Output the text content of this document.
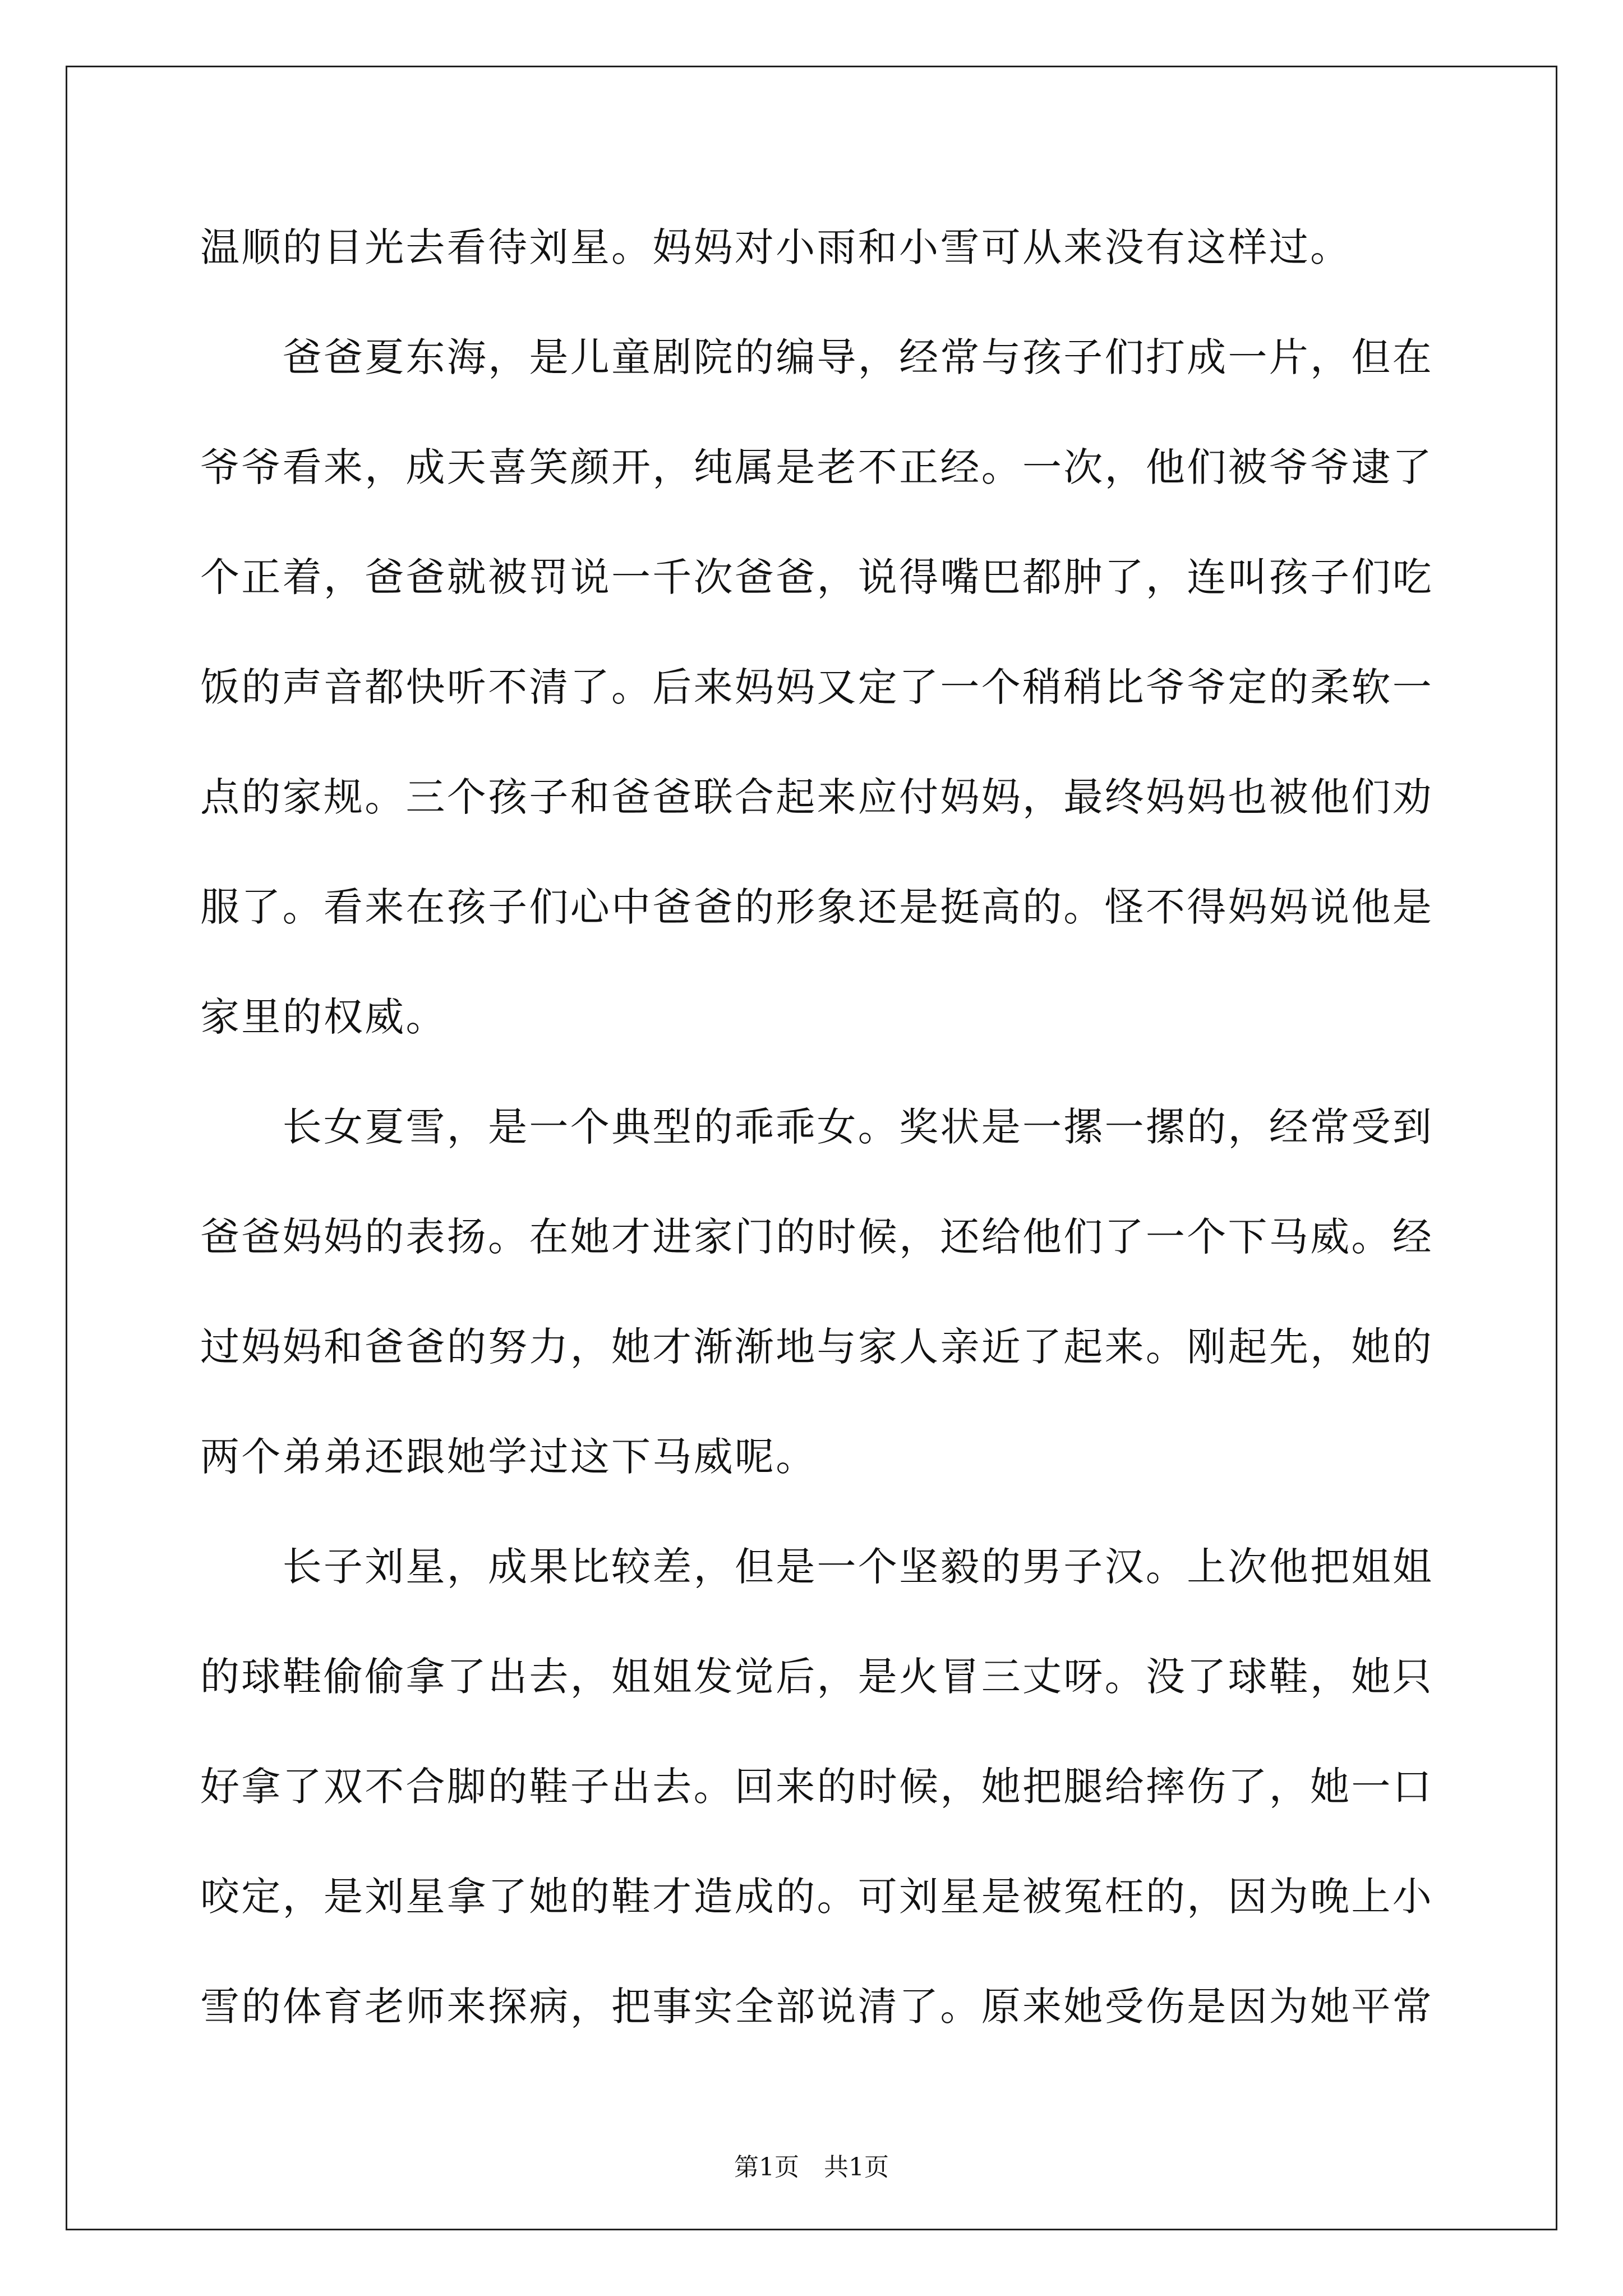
温顺的目光去看待刘星。妈妈对小雨和小雪可从来没有这样过。
　　爸爸夏东海，是儿童剧院的编导，经常与孩子们打成一片，但在
爷爷看来，成天喜笑颜开，纯属是老不正经。一次，他们被爷爷逮了
个正着，爸爸就被罚说一千次爸爸，说得嘴巴都肿了，连叫孩子们吃
饭的声音都快听不清了。后来妈妈又定了一个稍稍比爷爷定的柔软一
点的家规。三个孩子和爸爸联合起来应付妈妈，最终妈妈也被他们劝
服了。看来在孩子们心中爸爸的形象还是挺高的。怪不得妈妈说他是
家里的权威。
　　长女夏雪，是一个典型的乖乖女。奖状是一摞一摞的，经常受到
爸爸妈妈的表扬。在她才进家门的时候，还给他们了一个下马威。经
过妈妈和爸爸的努力，她才渐渐地与家人亲近了起来。刚起先，她的
两个弟弟还跟她学过这下马威呢。
　　长子刘星，成果比较差，但是一个坚毅的男子汉。上次他把姐姐
的球鞋偷偷拿了出去，姐姐发觉后，是火冒三丈呀。没了球鞋，她只
好拿了双不合脚的鞋子出去。回来的时候，她把腿给摔伤了，她一口
咬定，是刘星拿了她的鞋才造成的。可刘星是被冤枉的，因为晚上小
雪的体育老师来探病，把事实全部说清了。原来她受伤是因为她平常
第1页　共1页
